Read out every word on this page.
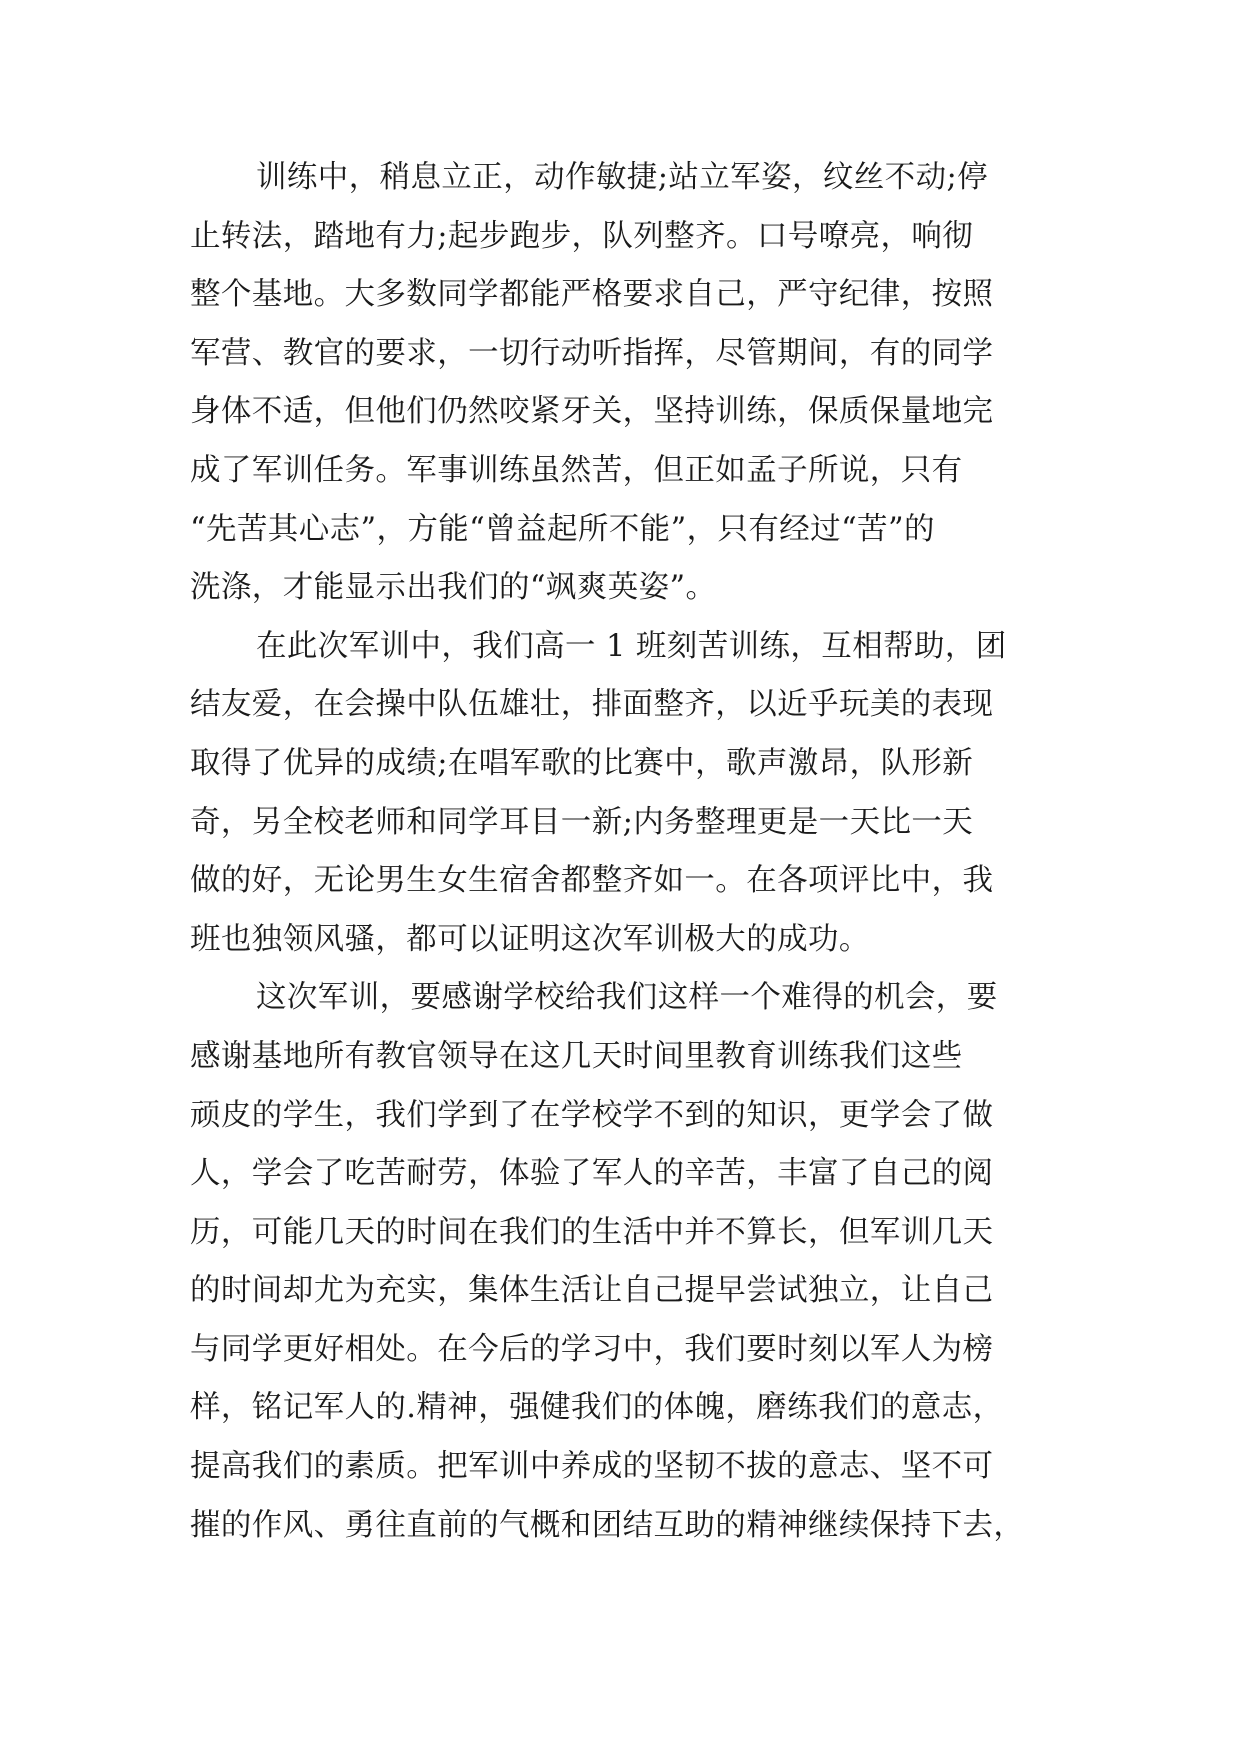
训练中，稍息立正，动作敏捷;站立军姿，纹丝不动;停
止转法，踏地有力;起步跑步，队列整齐。口号嘹亮，响彻
整个基地。大多数同学都能严格要求自己，严守纪律，按照
军营、教官的要求，一切行动听指挥，尽管期间，有的同学
身体不适，但他们仍然咬紧牙关，坚持训练，保质保量地完
成了军训任务。军事训练虽然苦，但正如孟子所说，只有
“先苦其心志”，方能“曾益起所不能”，只有经过“苦”的
洗涤，才能显示出我们的“飒爽英姿”。
在此次军训中，我们高一 1 班刻苦训练，互相帮助，团
结友爱，在会操中队伍雄壮，排面整齐，以近乎玩美的表现
取得了优异的成绩;在唱军歌的比赛中，歌声激昂，队形新
奇，另全校老师和同学耳目一新;内务整理更是一天比一天
做的好，无论男生女生宿舍都整齐如一。在各项评比中，我
班也独领风骚，都可以证明这次军训极大的成功。
这次军训，要感谢学校给我们这样一个难得的机会，要
感谢基地所有教官领导在这几天时间里教育训练我们这些
顽皮的学生，我们学到了在学校学不到的知识，更学会了做
人，学会了吃苦耐劳，体验了军人的辛苦，丰富了自己的阅
历，可能几天的时间在我们的生活中并不算长，但军训几天
的时间却尤为充实，集体生活让自己提早尝试独立，让自己
与同学更好相处。在今后的学习中，我们要时刻以军人为榜
样，铭记军人的.精神，强健我们的体魄，磨练我们的意志，
提高我们的素质。把军训中养成的坚韧不拔的意志、坚不可
摧的作风、勇往直前的气概和团结互助的精神继续保持下去，
